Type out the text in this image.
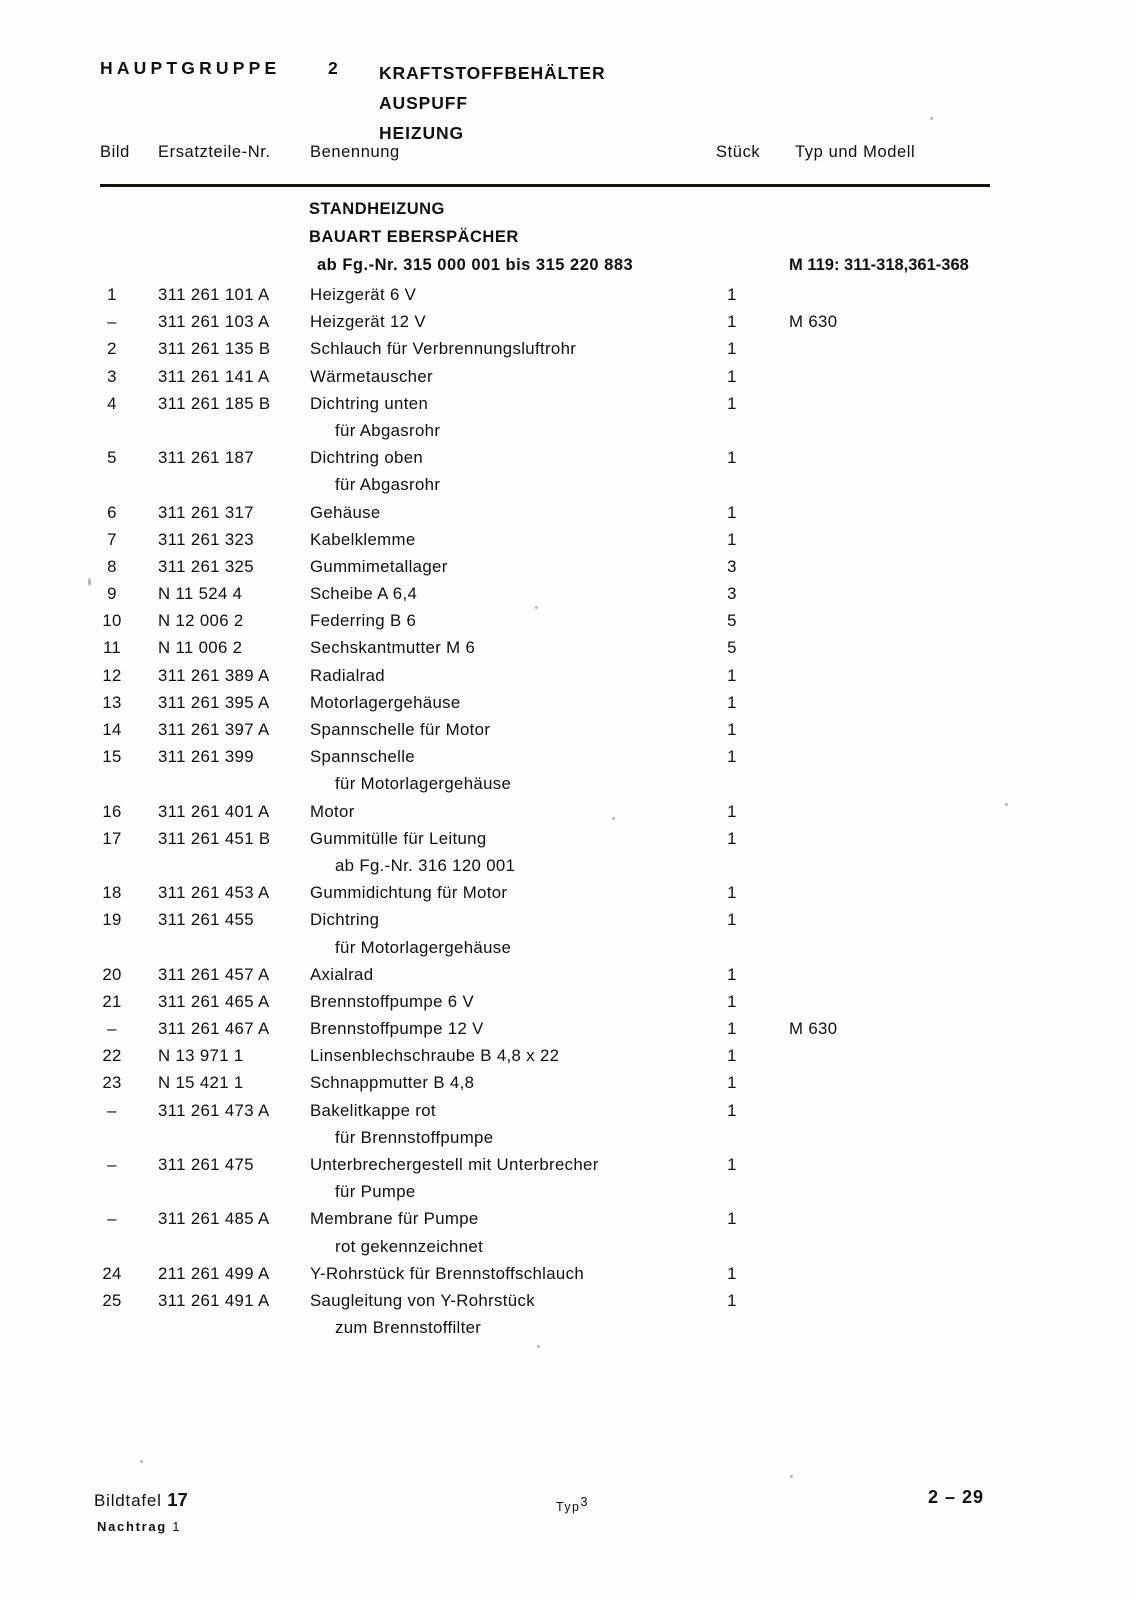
HAUPTGRUPPE	2 KRAFTSTOFFBEHÄLTER
AUSPUFF
HEIZUNG
Bild Ersatzteile-Nr. Benennung	Stück Typ und Modell
STANDHEIZUNG
BAUART EBERSPÄCHER
ab Fg.-Nr. 315 000 001 bis 315 220 883	M 119: 311-318,361-368
1	311 261 101 A Heizgerät 6 V	1
–	311 261 103 A Heizgerät 12 V	1	M 630
2	311 261 135 B Schlauch für Verbrennungsluftrohr	1
3	311 261 141 A Wärmetauscher	1
4	311 261 185 B Dichtring unten	1
für Abgasrohr
5	311 261 187	Dichtring oben	1
für Abgasrohr
6	311 261 317	Gehäuse	1
7	311 261 323	Kabelklemme	1
8	311 261 325	Gummimetallager	3
9	N 11 524 4	Scheibe A 6,4	3
10	N 12 006 2	Federring B 6	5
11	N 11 006 2	Sechskantmutter M 6	5
12	311 261 389 A Radialrad	1
13	311 261 395 A Motorlagergehäuse	1
14	311 261 397 A Spannschelle für Motor	1
15	311 261 399	Spannschelle	1
für Motorlagergehäuse
16	311 261 401 A Motor	1
17	311 261 451 B Gummitülle für Leitung	1
ab Fg.-Nr. 316 120 001
18	311 261 453 A Gummidichtung für Motor	1
19	311 261 455	Dichtring	1
für Motorlagergehäuse
20	311 261 457 A Axialrad	1
21	311 261 465 A Brennstoffpumpe 6 V	1
–	311 261 467 A Brennstoffpumpe 12 V	1	M 630
22	N 13 971 1	Linsenblechschraube B 4,8 x 22	1
23	N 15 421 1	Schnappmutter B 4,8	1
–	311 261 473 A Bakelitkappe rot	1
für Brennstoffpumpe
–	311 261 475	Unterbrechergestell mit Unterbrecher	1
für Pumpe
–	311 261 485 A Membrane für Pumpe	1
rot gekennzeichnet
24	211 261 499 A Y-Rohrstück für Brennstoffschlauch	1
25	311 261 491 A Saugleitung von Y-Rohrstück	1
zum Brennstoffilter
Bildtafel 17
Nachtrag 1
Typ$^3$	2 – 29
